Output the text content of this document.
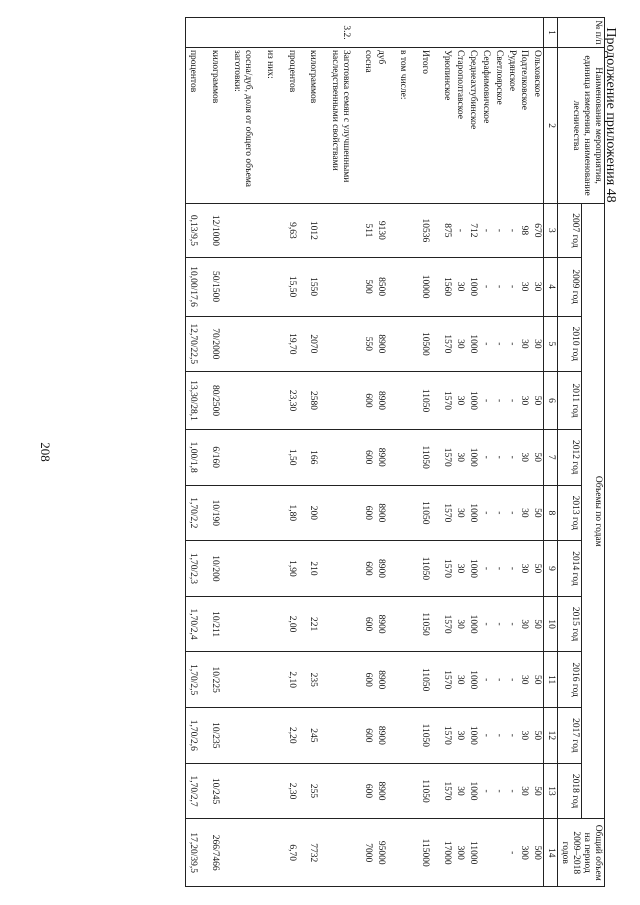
208
Продолжение приложения 48
№ п/п	Наименование мероприятия, единица измерения, наименование лесничества	Объемы по годам											Общий объем на период 2009–2018 годов
		2007 год	2009 год	2010 год	2011 год	2012 год	2013 год	2014 год	2015 год	2016 год	2017 год	2018 год	
1	2	3	4	5	6	7	8	9	10	11	12	13	14
	Ольховское	670	30	30	50	50	50	50	50	50	50	50	500
	Подтелковское	98	30	30	30	30	30	30	30	30	30	30	300
	Рудянское	-	-	-	-	-	-	-	-	-	-	-	-
	Светлоярское	-	-	-	-	-	-	-	-	-	-	-	
	Серафимовичское	-	-	-	-	-	-	-	-	-	-	-	
	Среднеахтубинское	712	1000	1000	1000	1000	1000	1000	1000	1000	1000	1000	11000
	Старополтавское	-	30	30	30	30	30	30	30	30	30	30	300
	Урюпинское	875	1560	1570	1570	1570	1570	1570	1570	1570	1570	1570	17000

	Итого	10536	10000	10500	11050	11050	11050	11050	11050	11050	11050	11050	115000

	в том числе:												

	дуб	9130	8500	8900	8900	8900	8900	8900	8900	8900	8900	8900	95000
	сосна	511	500	550	600	600	600	600	600	600	600	600	7000

3.2.	Заготовка семян с улучшенными наследственными свойствами												

	килограммов	1012	1550	2070	2580	166	200	210	221	235	245	255	7732

	процентов	9,63	15,50	19,70	23,30	1,50	1,80	1,90	2,00	2,10	2,20	2,30	6,70

	из них:												

	сосна/дуб, доля от общего объема заготовки:												

	килограммов	12/1000	50/1500	70/2000	80/2500	6/160	10/190	10/200	10/211	10/225	10/235	10/245	266/7466

	процентов	0,13/9,5	10,00/17,6	12,70/22,5	13,30/28,1	1,00/1,8	1,70/2,2	1,70/2,3	1,70/2,4	1,70/2,5	1,70/2,6	1,70/2,7	17,20/39,5
